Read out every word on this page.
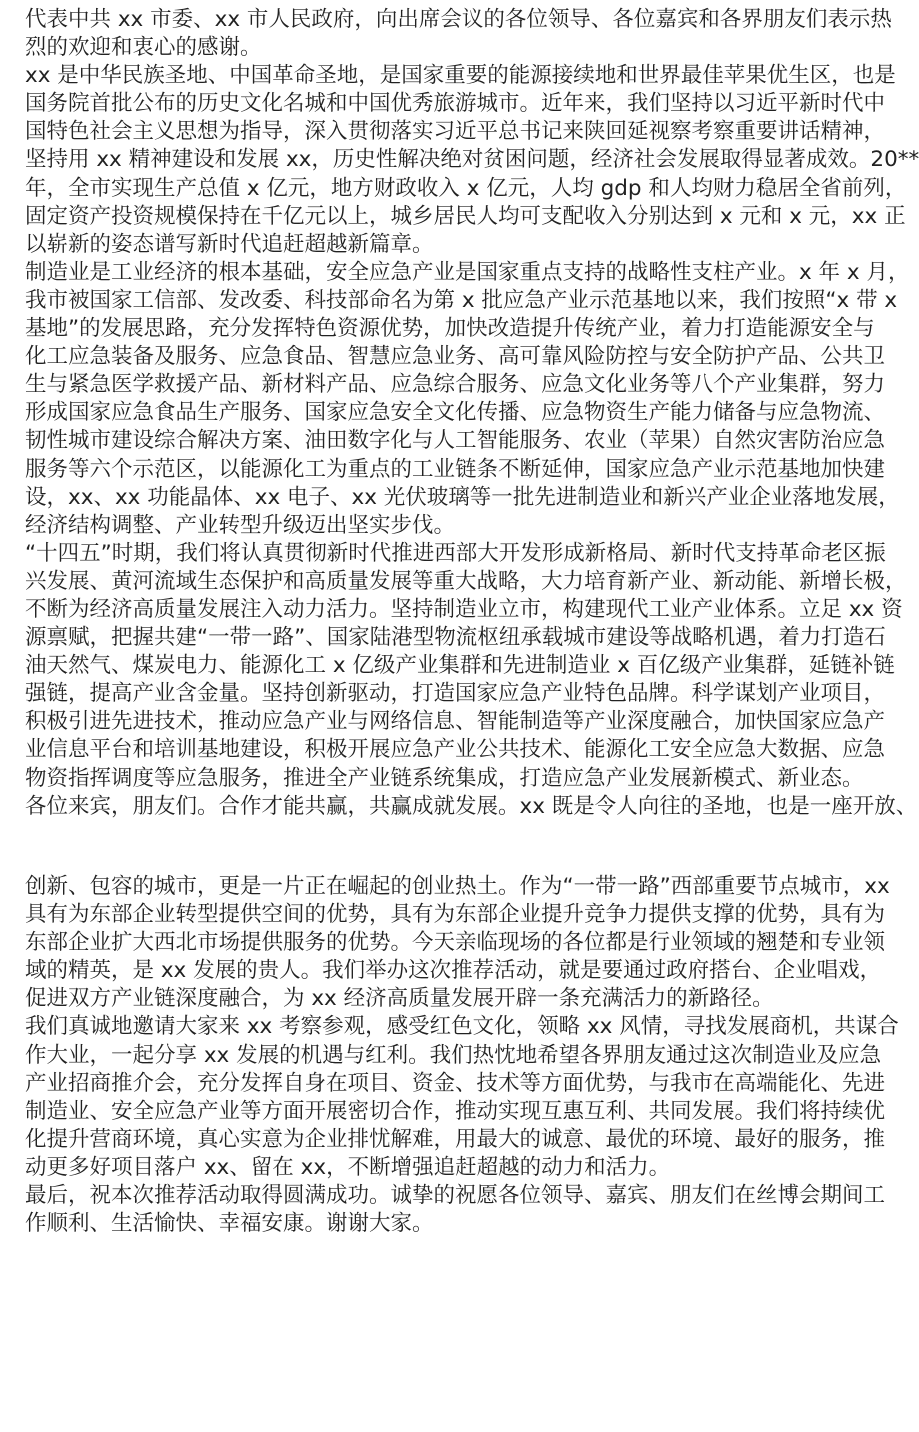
代表中共 xx 市委、xx 市人民政府，向出席会议的各位领导、各位嘉宾和各界朋友们表示热
烈的欢迎和衷心的感谢。
xx 是中华民族圣地、中国革命圣地，是国家重要的能源接续地和世界最佳苹果优生区，也是
国务院首批公布的历史文化名城和中国优秀旅游城市。近年来，我们坚持以习近平新时代中
国特色社会主义思想为指导，深入贯彻落实习近平总书记来陕回延视察考察重要讲话精神，
坚持用 xx 精神建设和发展 xx，历史性解决绝对贫困问题，经济社会发展取得显著成效。20**
年，全市实现生产总值 x 亿元，地方财政收入 x 亿元，人均 gdp 和人均财力稳居全省前列，
固定资产投资规模保持在千亿元以上，城乡居民人均可支配收入分别达到 x 元和 x 元，xx 正
以崭新的姿态谱写新时代追赶超越新篇章。
制造业是工业经济的根本基础，安全应急产业是国家重点支持的战略性支柱产业。x 年 x 月，
我市被国家工信部、发改委、科技部命名为第 x 批应急产业示范基地以来，我们按照“x 带 x
基地”的发展思路，充分发挥特色资源优势，加快改造提升传统产业，着力打造能源安全与
化工应急装备及服务、应急食品、智慧应急业务、高可靠风险防控与安全防护产品、公共卫
生与紧急医学救援产品、新材料产品、应急综合服务、应急文化业务等八个产业集群，努力
形成国家应急食品生产服务、国家应急安全文化传播、应急物资生产能力储备与应急物流、
韧性城市建设综合解决方案、油田数字化与人工智能服务、农业（苹果）自然灾害防治应急
服务等六个示范区，以能源化工为重点的工业链条不断延伸，国家应急产业示范基地加快建
设，xx、xx 功能晶体、xx 电子、xx 光伏玻璃等一批先进制造业和新兴产业企业落地发展，
经济结构调整、产业转型升级迈出坚实步伐。
“十四五”时期，我们将认真贯彻新时代推进西部大开发形成新格局、新时代支持革命老区振
兴发展、黄河流域生态保护和高质量发展等重大战略，大力培育新产业、新动能、新增长极，
不断为经济高质量发展注入动力活力。坚持制造业立市，构建现代工业产业体系。立足 xx 资
源禀赋，把握共建“一带一路”、国家陆港型物流枢纽承载城市建设等战略机遇，着力打造石
油天然气、煤炭电力、能源化工 x 亿级产业集群和先进制造业 x 百亿级产业集群，延链补链
强链，提高产业含金量。坚持创新驱动，打造国家应急产业特色品牌。科学谋划产业项目，
积极引进先进技术，推动应急产业与网络信息、智能制造等产业深度融合，加快国家应急产
业信息平台和培训基地建设，积极开展应急产业公共技术、能源化工安全应急大数据、应急
物资指挥调度等应急服务，推进全产业链系统集成，打造应急产业发展新模式、新业态。
各位来宾，朋友们。合作才能共赢，共赢成就发展。xx 既是令人向往的圣地，也是一座开放、
创新、包容的城市，更是一片正在崛起的创业热土。作为“一带一路”西部重要节点城市，xx
具有为东部企业转型提供空间的优势，具有为东部企业提升竞争力提供支撑的优势，具有为
东部企业扩大西北市场提供服务的优势。今天亲临现场的各位都是行业领域的翘楚和专业领
域的精英，是 xx 发展的贵人。我们举办这次推荐活动，就是要通过政府搭台、企业唱戏，
促进双方产业链深度融合，为 xx 经济高质量发展开辟一条充满活力的新路径。
我们真诚地邀请大家来 xx 考察参观，感受红色文化，领略 xx 风情，寻找发展商机，共谋合
作大业，一起分享 xx 发展的机遇与红利。我们热忱地希望各界朋友通过这次制造业及应急
产业招商推介会，充分发挥自身在项目、资金、技术等方面优势，与我市在高端能化、先进
制造业、安全应急产业等方面开展密切合作，推动实现互惠互利、共同发展。我们将持续优
化提升营商环境，真心实意为企业排忧解难，用最大的诚意、最优的环境、最好的服务，推
动更多好项目落户 xx、留在 xx，不断增强追赶超越的动力和活力。
最后，祝本次推荐活动取得圆满成功。诚挚的祝愿各位领导、嘉宾、朋友们在丝博会期间工
作顺利、生活愉快、幸福安康。谢谢大家。
